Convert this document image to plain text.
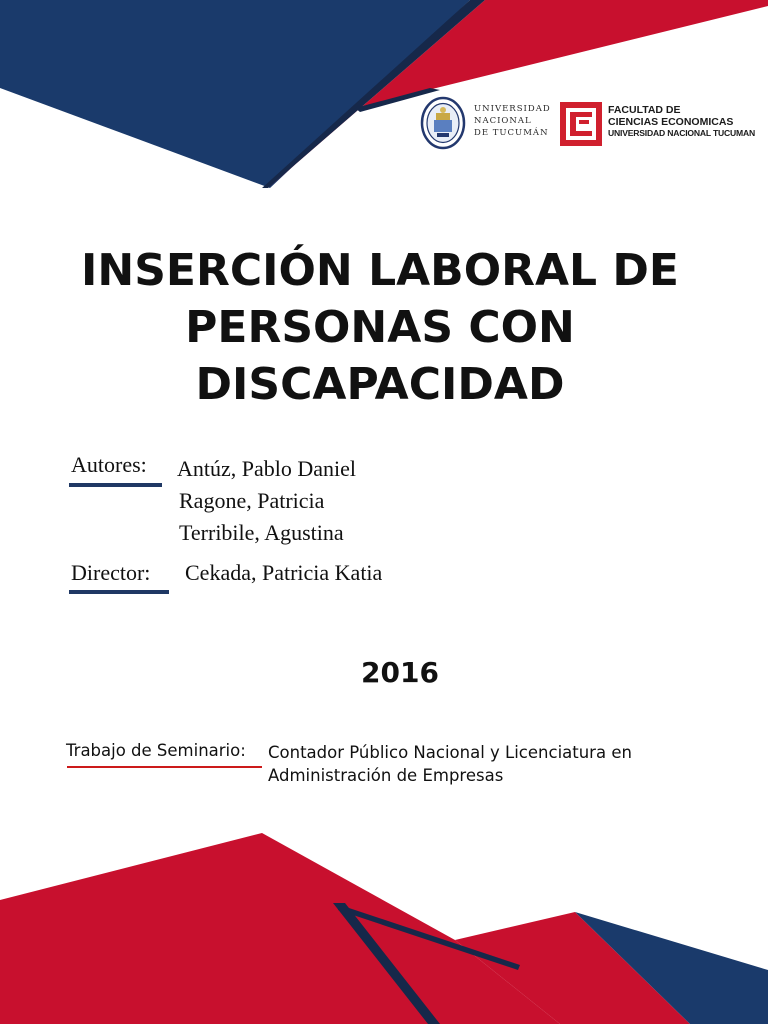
UNIVERSIDAD
NACIONAL
DE TUCUMÁN
FACULTAD DE
CIENCIAS ECONOMICAS
UNIVERSIDAD NACIONAL TUCUMAN
INSERCIÓN LABORAL DE
PERSONAS CON
DISCAPACIDAD
Autores: Antúz, Pablo Daniel
Ragone, Patricia
Terribile, Agustina
Director: Cekada, Patricia Katia
2016
Trabajo de Seminario: Contador Público Nacional y Licenciatura en
Administración de Empresas
